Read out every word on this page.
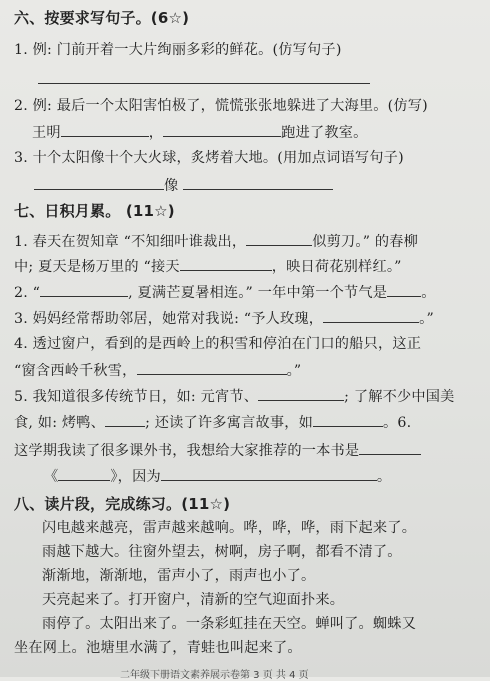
六、按要求写句子。(6☆)
1. 例: 门前开着一大片绚丽多彩的鲜花。(仿写句子)
2. 例: 最后一个太阳害怕极了，慌慌张张地躲进了大海里。(仿写)
王明	，	跑进了教室。
3. 十个太阳像十个大火球，炙烤着大地。(用加点词语写句子)
像
七、日积月累。 (11☆)
1. 春天在贺知章 “不知细叶谁裁出，	似剪刀。” 的春柳
中; 夏天是杨万里的 “接天	，映日荷花别样红。”
2. “	, 夏满芒夏暑相连。” 一年中第一个节气是 。
3. 妈妈经常帮助邻居，她常对我说: “予人玫瑰，	。”
4. 透过窗户，看到的是西岭上的积雪和停泊在门口的船只，这正
“窗含西岭千秋雪，	。”
5. 我知道很多传统节日，如: 元宵节、	; 了解不少中国美
食, 如: 烤鸭、	; 还读了许多寓言故事，如	。6.
这学期我读了很多课外书，我想给大家推荐的一本书是
《	》，因为	。
八、读片段，完成练习。(11☆)
闪电越来越亮，雷声越来越响。哗，哗，哗，雨下起来了。
雨越下越大。往窗外望去，树啊，房子啊，都看不清了。
渐渐地，渐渐地，雷声小了，雨声也小了。
天亮起来了。打开窗户，清新的空气迎面扑来。
雨停了。太阳出来了。一条彩虹挂在天空。蝉叫了。蜘蛛又
坐在网上。池塘里水满了，青蛙也叫起来了。
二年级下册语文素养展示卷第 3 页 共 4 页
